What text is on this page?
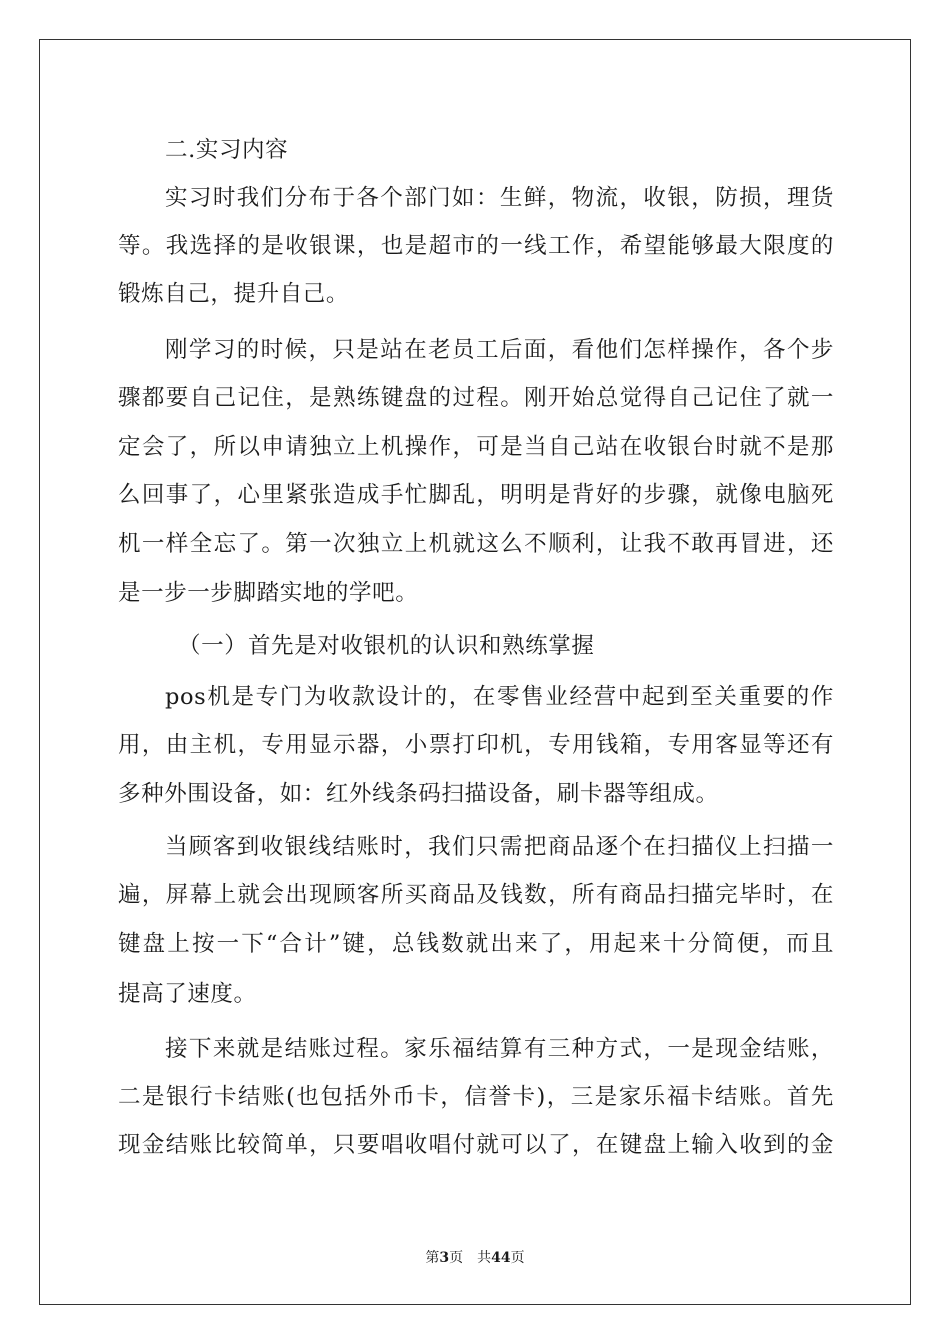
二.实习内容
实习时我们分布于各个部门如：生鲜，物流，收银，防损，理货
等。我选择的是收银课，也是超市的一线工作，希望能够最大限度的
锻炼自己，提升自己。
刚学习的时候，只是站在老员工后面，看他们怎样操作，各个步
骤都要自己记住，是熟练键盘的过程。刚开始总觉得自己记住了就一
定会了，所以申请独立上机操作，可是当自己站在收银台时就不是那
么回事了，心里紧张造成手忙脚乱，明明是背好的步骤，就像电脑死
机一样全忘了。第一次独立上机就这么不顺利，让我不敢再冒进，还
是一步一步脚踏实地的学吧。
（一） 首先是对收银机的认识和熟练掌握
pos机是专门为收款设计的，在零售业经营中起到至关重要的作
用，由主机，专用显示器，小票打印机，专用钱箱，专用客显等还有
多种外围设备，如：红外线条码扫描设备，刷卡器等组成。
当顾客到收银线结账时，我们只需把商品逐个在扫描仪上扫描一
遍，屏幕上就会出现顾客所买商品及钱数，所有商品扫描完毕时，在
键盘上按一下“合计”键，总钱数就出来了，用起来十分简便，而且
提高了速度。
接下来就是结账过程。家乐福结算有三种方式，一是现金结账，
二是银行卡结账(也包括外币卡，信誉卡)，三是家乐福卡结账。首先
现金结账比较简单，只要唱收唱付就可以了，在键盘上输入收到的金
第3页　共44页
